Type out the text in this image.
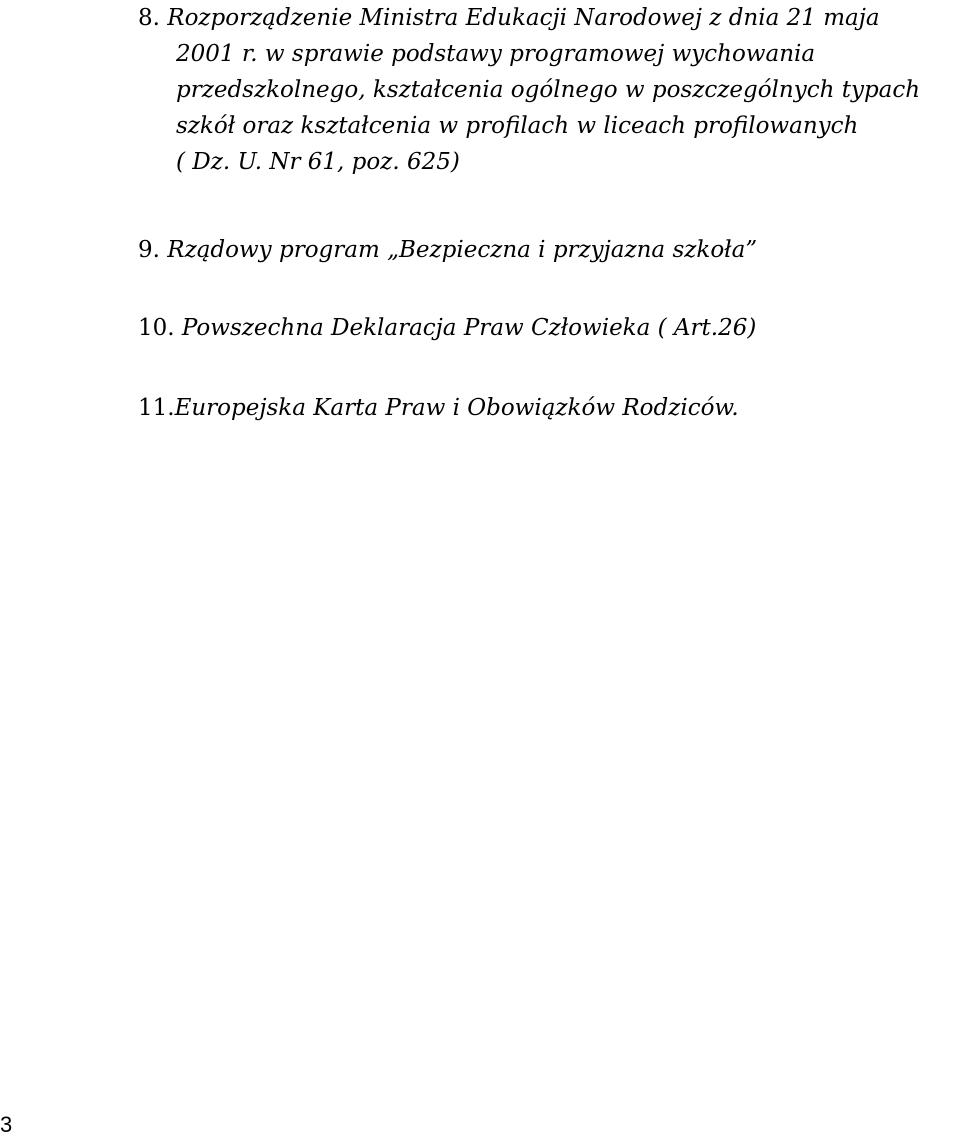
8. Rozporządzenie Ministra Edukacji Narodowej z dnia 21 maja
2001 r. w sprawie podstawy programowej wychowania
przedszkolnego, kształcenia ogólnego w poszczególnych typach
szkół oraz kształcenia w profilach w liceach profilowanych
( Dz. U. Nr 61, poz. 625)
9. Rządowy program „Bezpieczna i przyjazna szkoła”
10. Powszechna Deklaracja Praw Człowieka ( Art.26)
11.Europejska Karta Praw i Obowiązków Rodziców.
3
